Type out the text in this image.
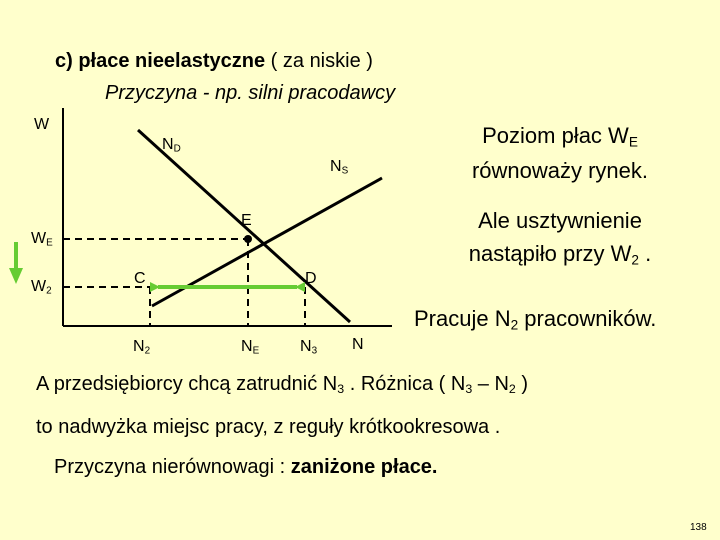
c) płace nieelastyczne ( za niskie )
Przyczyna - np. silni pracodawcy
W
N
$N_D$
$N_S$
E
C	D
$W_E$
$W_2$
$N_2$	$N_E$	$N_3$
Poziom płac $W_E$
równoważy rynek.
Ale usztywnienie
nastąpiło przy $W_2$ .
Pracuje $N_2$ pracowników.
A przedsiębiorcy chcą zatrudnić $N_3$ . Różnica ( $N_3 - N_2$ )
to nadwyżka miejsc pracy, z reguły krótkookresowa .
Przyczyna nierównowagi : zaniżone płace.
138
